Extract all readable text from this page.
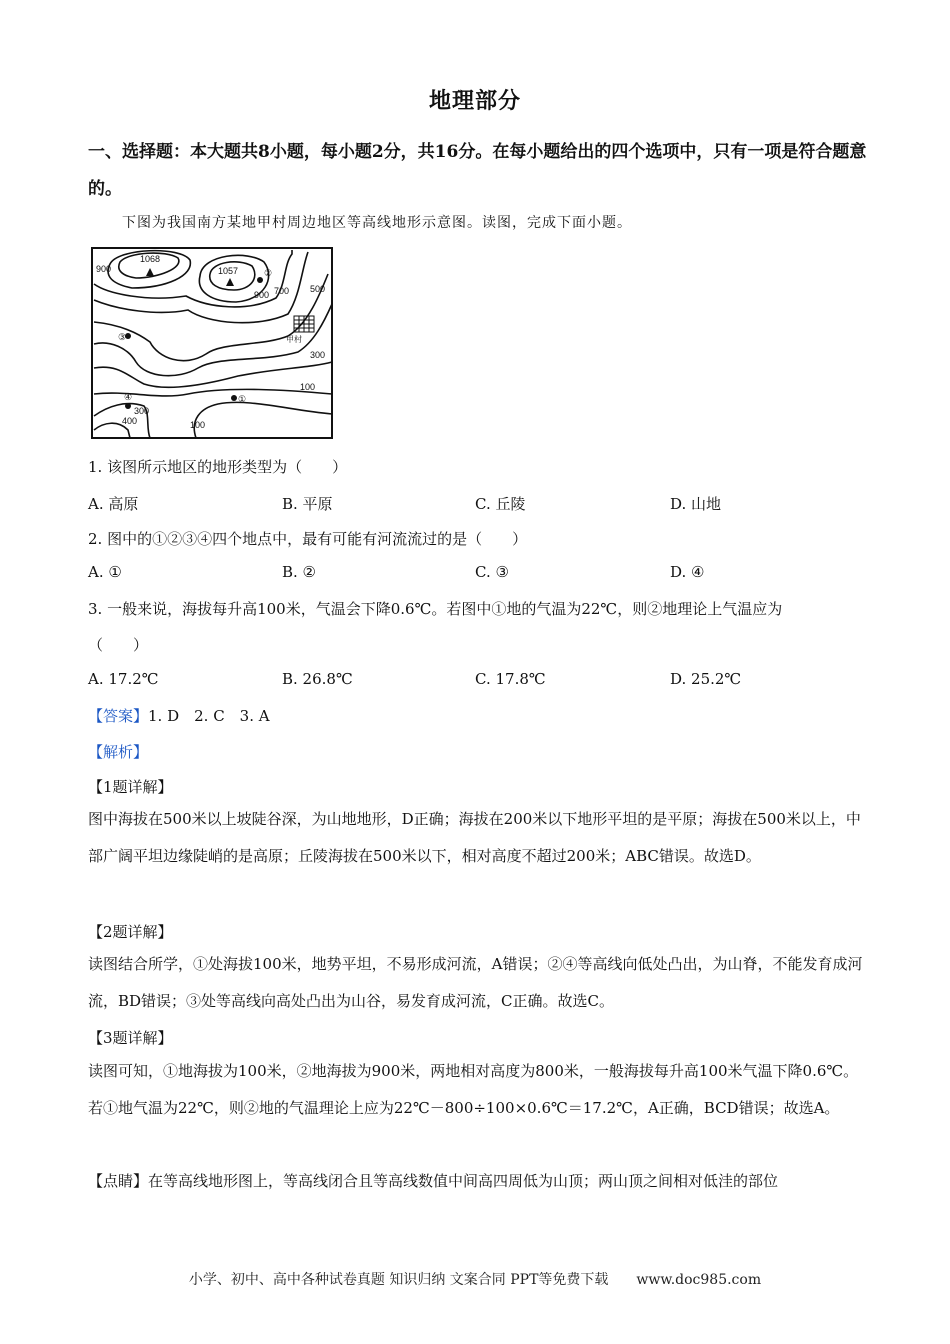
地理部分
一、选择题：本大题共8小题，每小题2分，共16分。在每小题给出的四个选项中，只有一项是符合题意的。
下图为我国南方某地甲村周边地区等高线地形示意图。读图，完成下面小题。
1068
1057
900
900 700 500
300
100
300
400	100
甲村
①
②
③
④
1. 该图所示地区的地形类型为（　　）
A. 高原	B. 平原	C. 丘陵	D. 山地
2. 图中的①②③④四个地点中，最有可能有河流流过的是（　　）
A. ①	B. ②	C. ③	D. ④
3. 一般来说，海拔每升高100米，气温会下降0.6℃。若图中①地的气温为22℃，则②地理论上气温应为
（　　）
A. 17.2℃	B. 26.8℃	C. 17.8℃	D. 25.2℃
【答案】1. D　2. C　3. A
【解析】
【1题详解】
图中海拔在500米以上坡陡谷深，为山地地形，D正确；海拔在200米以下地形平坦的是平原；海拔在500米以上，中部广阔平坦边缘陡峭的是高原；丘陵海拔在500米以下，相对高度不超过200米；ABC错误。故选D。
【2题详解】
读图结合所学，①处海拔100米，地势平坦，不易形成河流，A错误；②④等高线向低处凸出，为山脊，不能发育成河流，BD错误；③处等高线向高处凸出为山谷，易发育成河流，C正确。故选C。
【3题详解】
读图可知，①地海拔为100米，②地海拔为900米，两地相对高度为800米，一般海拔每升高100米气温下降0.6℃。若①地气温为22℃，则②地的气温理论上应为22℃－800÷100×0.6℃＝17.2℃，A正确，BCD错误；故选A。
【点睛】在等高线地形图上，等高线闭合且等高线数值中间高四周低为山顶；两山顶之间相对低洼的部位
小学、初中、高中各种试卷真题 知识归纳 文案合同 PPT等免费下载　　www.doc985.com
